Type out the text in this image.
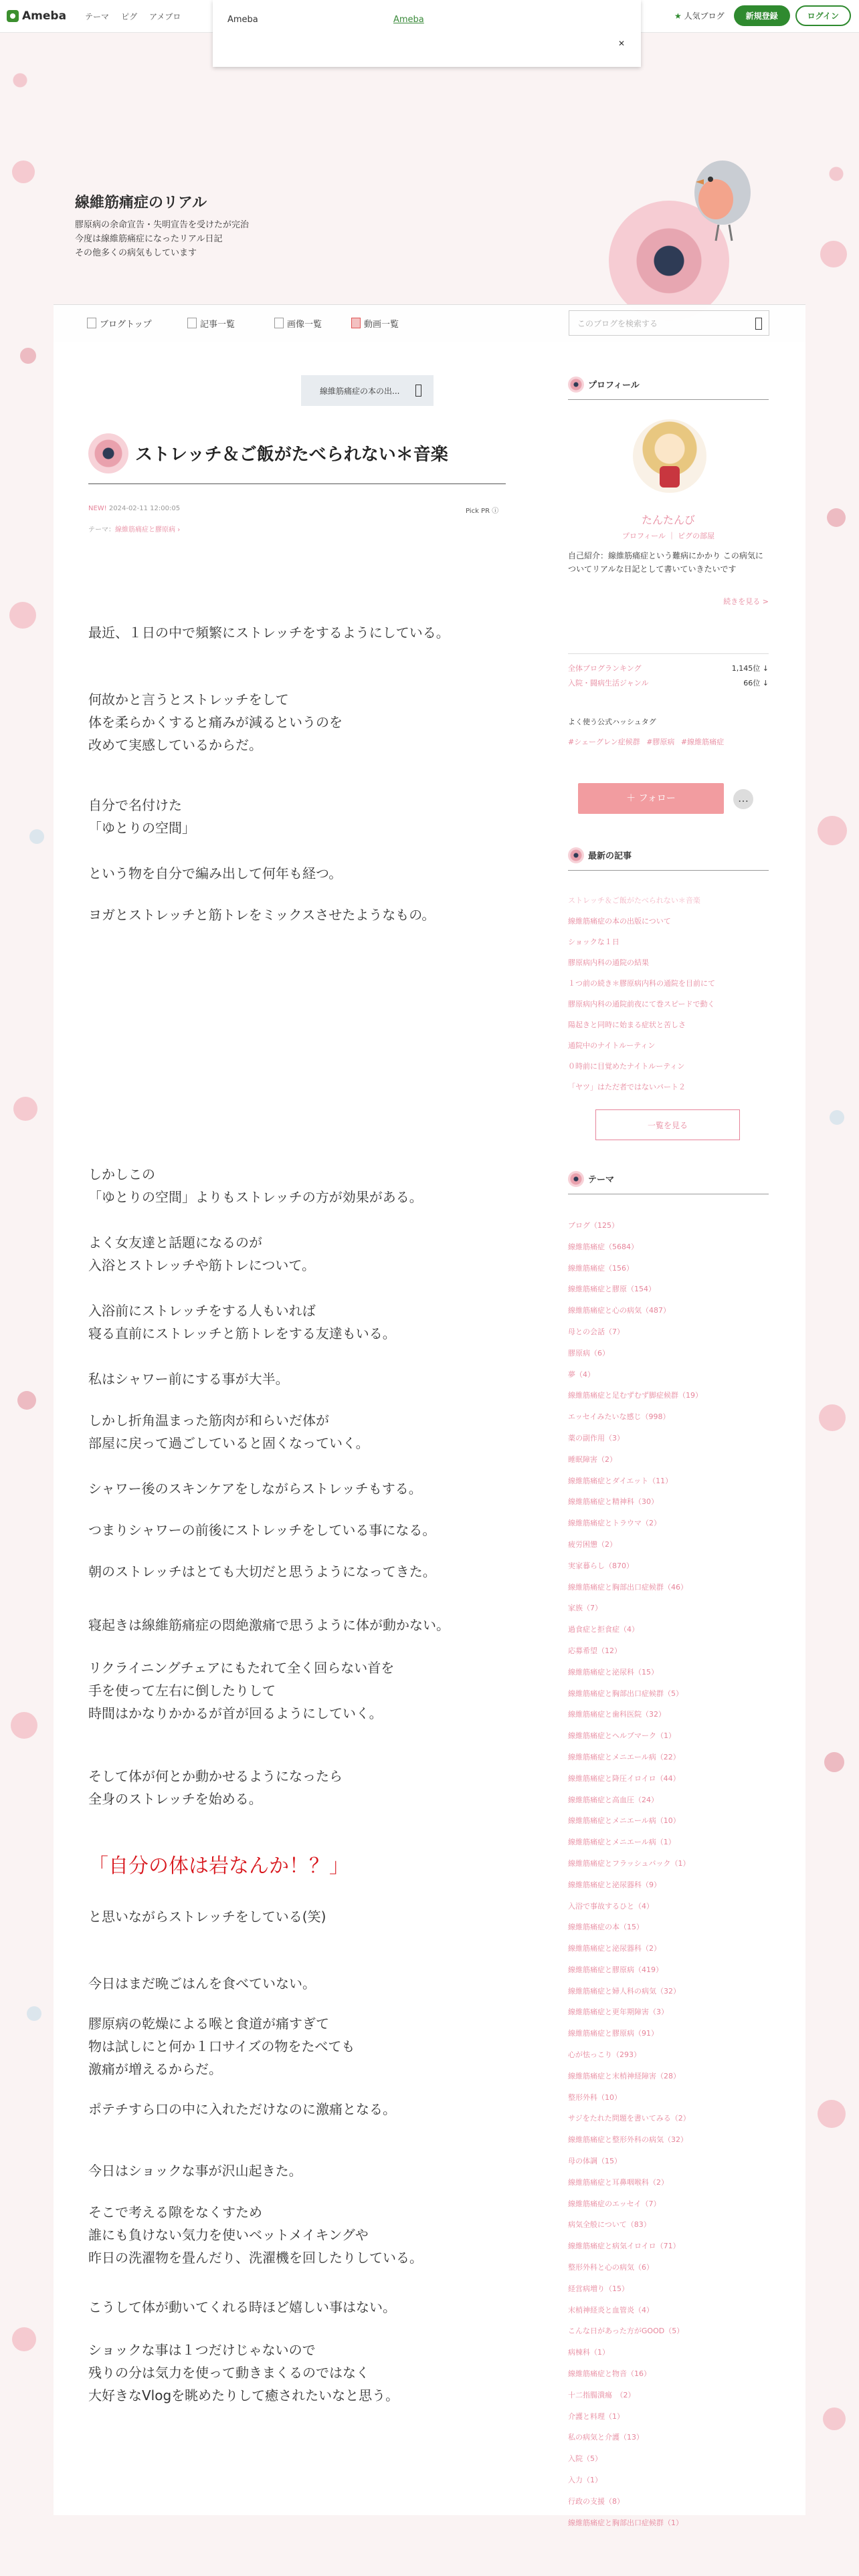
Ameba テーマ ピグ アメブロ	★ 人気ブログ	新規登録	ログイン
Ameba	Ameba
✕
線維筋痛症のリアル
膠原病の余命宣告・失明宣告を受けたが完治
今度は線維筋痛症になったリアル日記
その他多くの病気もしています
ブログトップ	記事一覧	画像一覧	動画一覧	このブログを検索する
線維筋痛症の本の出...
ストレッチ＆ご飯がたべられない＊音楽
NEW! 2024-02-11 12:00:05	Pick PR ⓘ
テーマ：線維筋痛症と膠原病 ›

最近、１日の中で頻繁にストレッチをするようにしている。

何故かと言うとストレッチをして
体を柔らかくすると痛みが減るというのを
改めて実感しているからだ。

自分で名付けた
「ゆとりの空間」

という物を自分で編み出して何年も経つ。

ヨガとストレッチと筋トレをミックスさせたようなもの。

しかしこの
「ゆとりの空間」よりもストレッチの方が効果がある。

よく女友達と話題になるのが
入浴とストレッチや筋トレについて。

入浴前にストレッチをする人もいれば
寝る直前にストレッチと筋トレをする友達もいる。

私はシャワー前にする事が大半。

しかし折角温まった筋肉が和らいだ体が
部屋に戻って過ごしていると固くなっていく。

シャワー後のスキンケアをしながらストレッチもする。

つまりシャワーの前後にストレッチをしている事になる。

朝のストレッチはとても大切だと思うようになってきた。

寝起きは線維筋痛症の悶絶激痛で思うように体が動かない。

リクライニングチェアにもたれて全く回らない首を
手を使って左右に倒したりして
時間はかなりかかるが首が回るようにしていく。

そして体が何とか動かせるようになったら
全身のストレッチを始める。

「自分の体は岩なんか！？」

と思いながらストレッチをしている(笑)

今日はまだ晩ごはんを食べていない。

膠原病の乾燥による喉と食道が痛すぎて
物は試しにと何か１口サイズの物をたべても
激痛が増えるからだ。

ポテチすら口の中に入れただけなのに激痛となる。

今日はショックな事が沢山起きた。

そこで考える隙をなくすため
誰にも負けない気力を使いベットメイキングや
昨日の洗濯物を畳んだり、洗濯機を回したりしている。

こうして体が動いてくれる時ほど嬉しい事はない。

ショックな事は１つだけじゃないので
残りの分は気力を使って動きまくるのではなく
大好きなVlogを眺めたりして癒されたいなと思う。

プロフィール
たんたんび
プロフィール ｜ ピグの部屋
自己紹介：線維筋痛症という難病にかかり この病気についてリアルな日記として書いていきたいです
続きを見る >
全体ブログランキング	1,145位 ↓
入院・闘病生活ジャンル	66位 ↓
よく使う公式ハッシュタグ
#シェーグレン症候群 #膠原病 #線維筋痛症
＋ フォロー	…
最新の記事
ストレッチ＆ご飯がたべられない＊音楽
線維筋痛症の本の出版について
ショックな１日
膠原病内科の通院の結果
１つ前の続き＊膠原病内科の通院を目前にて
膠原病内科の通院前夜にて巻スピードで動く
陽起きと同時に始まる症状と苦しさ
通院中のナイトルーティン
０時前に目覚めたナイトルーティン
「ヤツ」はただ者ではないパート２
一覧を見る
テーマ
ブログ（125）
線維筋痛症（5684）
線維筋痛症（156）
線維筋痛症と膠原（154）
線維筋痛症と心の病気（487）
母との会話（7）
膠原病（6）
夢（4）
線維筋痛症と足むずむず脚症候群（19）
エッセイみたいな感じ（998）
薬の副作用（3）
睡眠障害（2）
線維筋痛症とダイエット（11）
線維筋痛症と精神科（30）
線維筋痛症とトラウマ（2）
疲労困憊（2）
実家暮らし（870）
線維筋痛症と胸部出口症候群（46）
家族（7）
過食症と拒食症（4）
応募希望（12）
線維筋痛症と泌尿科（15）
線維筋痛症と胸部出口症候群（5）
線維筋痛症と歯科医院（32）
線維筋痛症とヘルプマーク（1）
線維筋痛症とメニエール病（22）
線維筋痛症と降圧イロイロ（44）
線維筋痛症と高血圧（24）
線維筋痛症とメニエール病（10）
線維筋痛症とメニエール病（1）
線維筋痛症とフラッシュバック（1）
線維筋痛症と泌尿器科（9）
入浴で事故するひと（4）
線維筋痛症の本（15）
線維筋痛症と泌尿器科（2）
線維筋痛症と膠原病（419）
線維筋痛症と婦人科の病気（32）
線維筋痛症と更年期障害（3）
線維筋痛症と膠原病（91）
心が怯っこり（293）
線維筋痛症と末梢神経障害（28）
整形外科（10）
サジをたれた問題を書いてみる（2）
線維筋痛症と整形外科の病気（32）
母の体調（15）
線維筋痛症と耳鼻咽喉科（2）
線維筋痛症のエッセイ（7）
病気全般について（83）
線維筋痛症と病気イロイロ（71）
整形外科と心の病気（6）
経営病増り（15）
末梢神経炎と血管炎（4）
こんな日があった方がGOOD（5）
病棟科（1）
線維筋痛症と物音（16）
十二指腸潰瘍　（2）
介護と料理（1）
私の病気と介護（13）
入院（5）
入力（1）
行政の支援（8）
線維筋痛症と胸部出口症候群（1）
